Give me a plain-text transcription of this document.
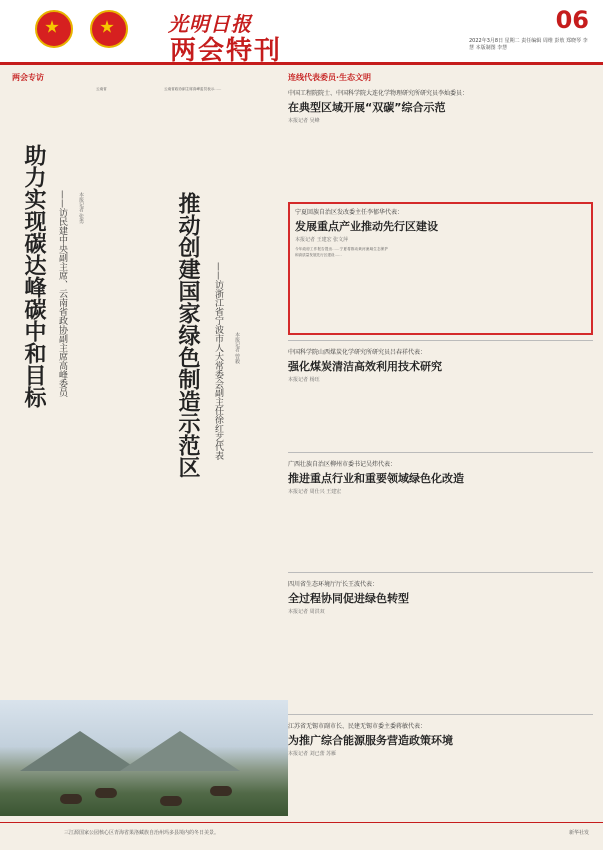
光明日报
两会特刊
06
2022年3月8日 星期二 责任编辑 周维 彭敖 郑晓琴 李慧 本版制图 李慧
两会专访
助力实现碳达峰碳中和目标	——访民建中央副主席、云南省政协副主席高峰委员	本报记者 张勇
云南省
推动创建国家绿色制造示范区	——访浙江省宁波市人大常委会副主任徐红艺代表	本报记者 曾毅
云南省政协副主席高峰委员表示……
连线代表委员·生态文明
中国工程院院士、中国科学院大连化学物理研究所研究员李灿委员：
在典型区域开展“双碳”综合示范
本报记者 吴峰
宁夏回族自治区发改委主任李郁华代表：
发展重点产业推动先行区建设
本报记者 王建宏 张文萍
今年政府工作报告提出……宁夏将推动黄河流域生态保护和高质量发展先行区建设……
中国科学院山西煤炭化学研究所研究员吕春祥代表：
强化煤炭清洁高效利用技术研究
本报记者 杨珏
广西壮族自治区柳州市委书记吴炜代表：
推进重点行业和重要领域绿色化改造
本报记者 周仕兴 王建宏
四川省生态环境厅厅长王波代表：
全过程协同促进绿色转型
本报记者 周洪双
江苏省无锡市副市长、民建无锡市委主委蒋敏代表：
为推广综合能源服务营造政策环境
本报记者 刘已蕾 苏雁
三江源国家公园核心区青海省果洛藏族自治州玛多县境内的冬日美景。	新华社发
